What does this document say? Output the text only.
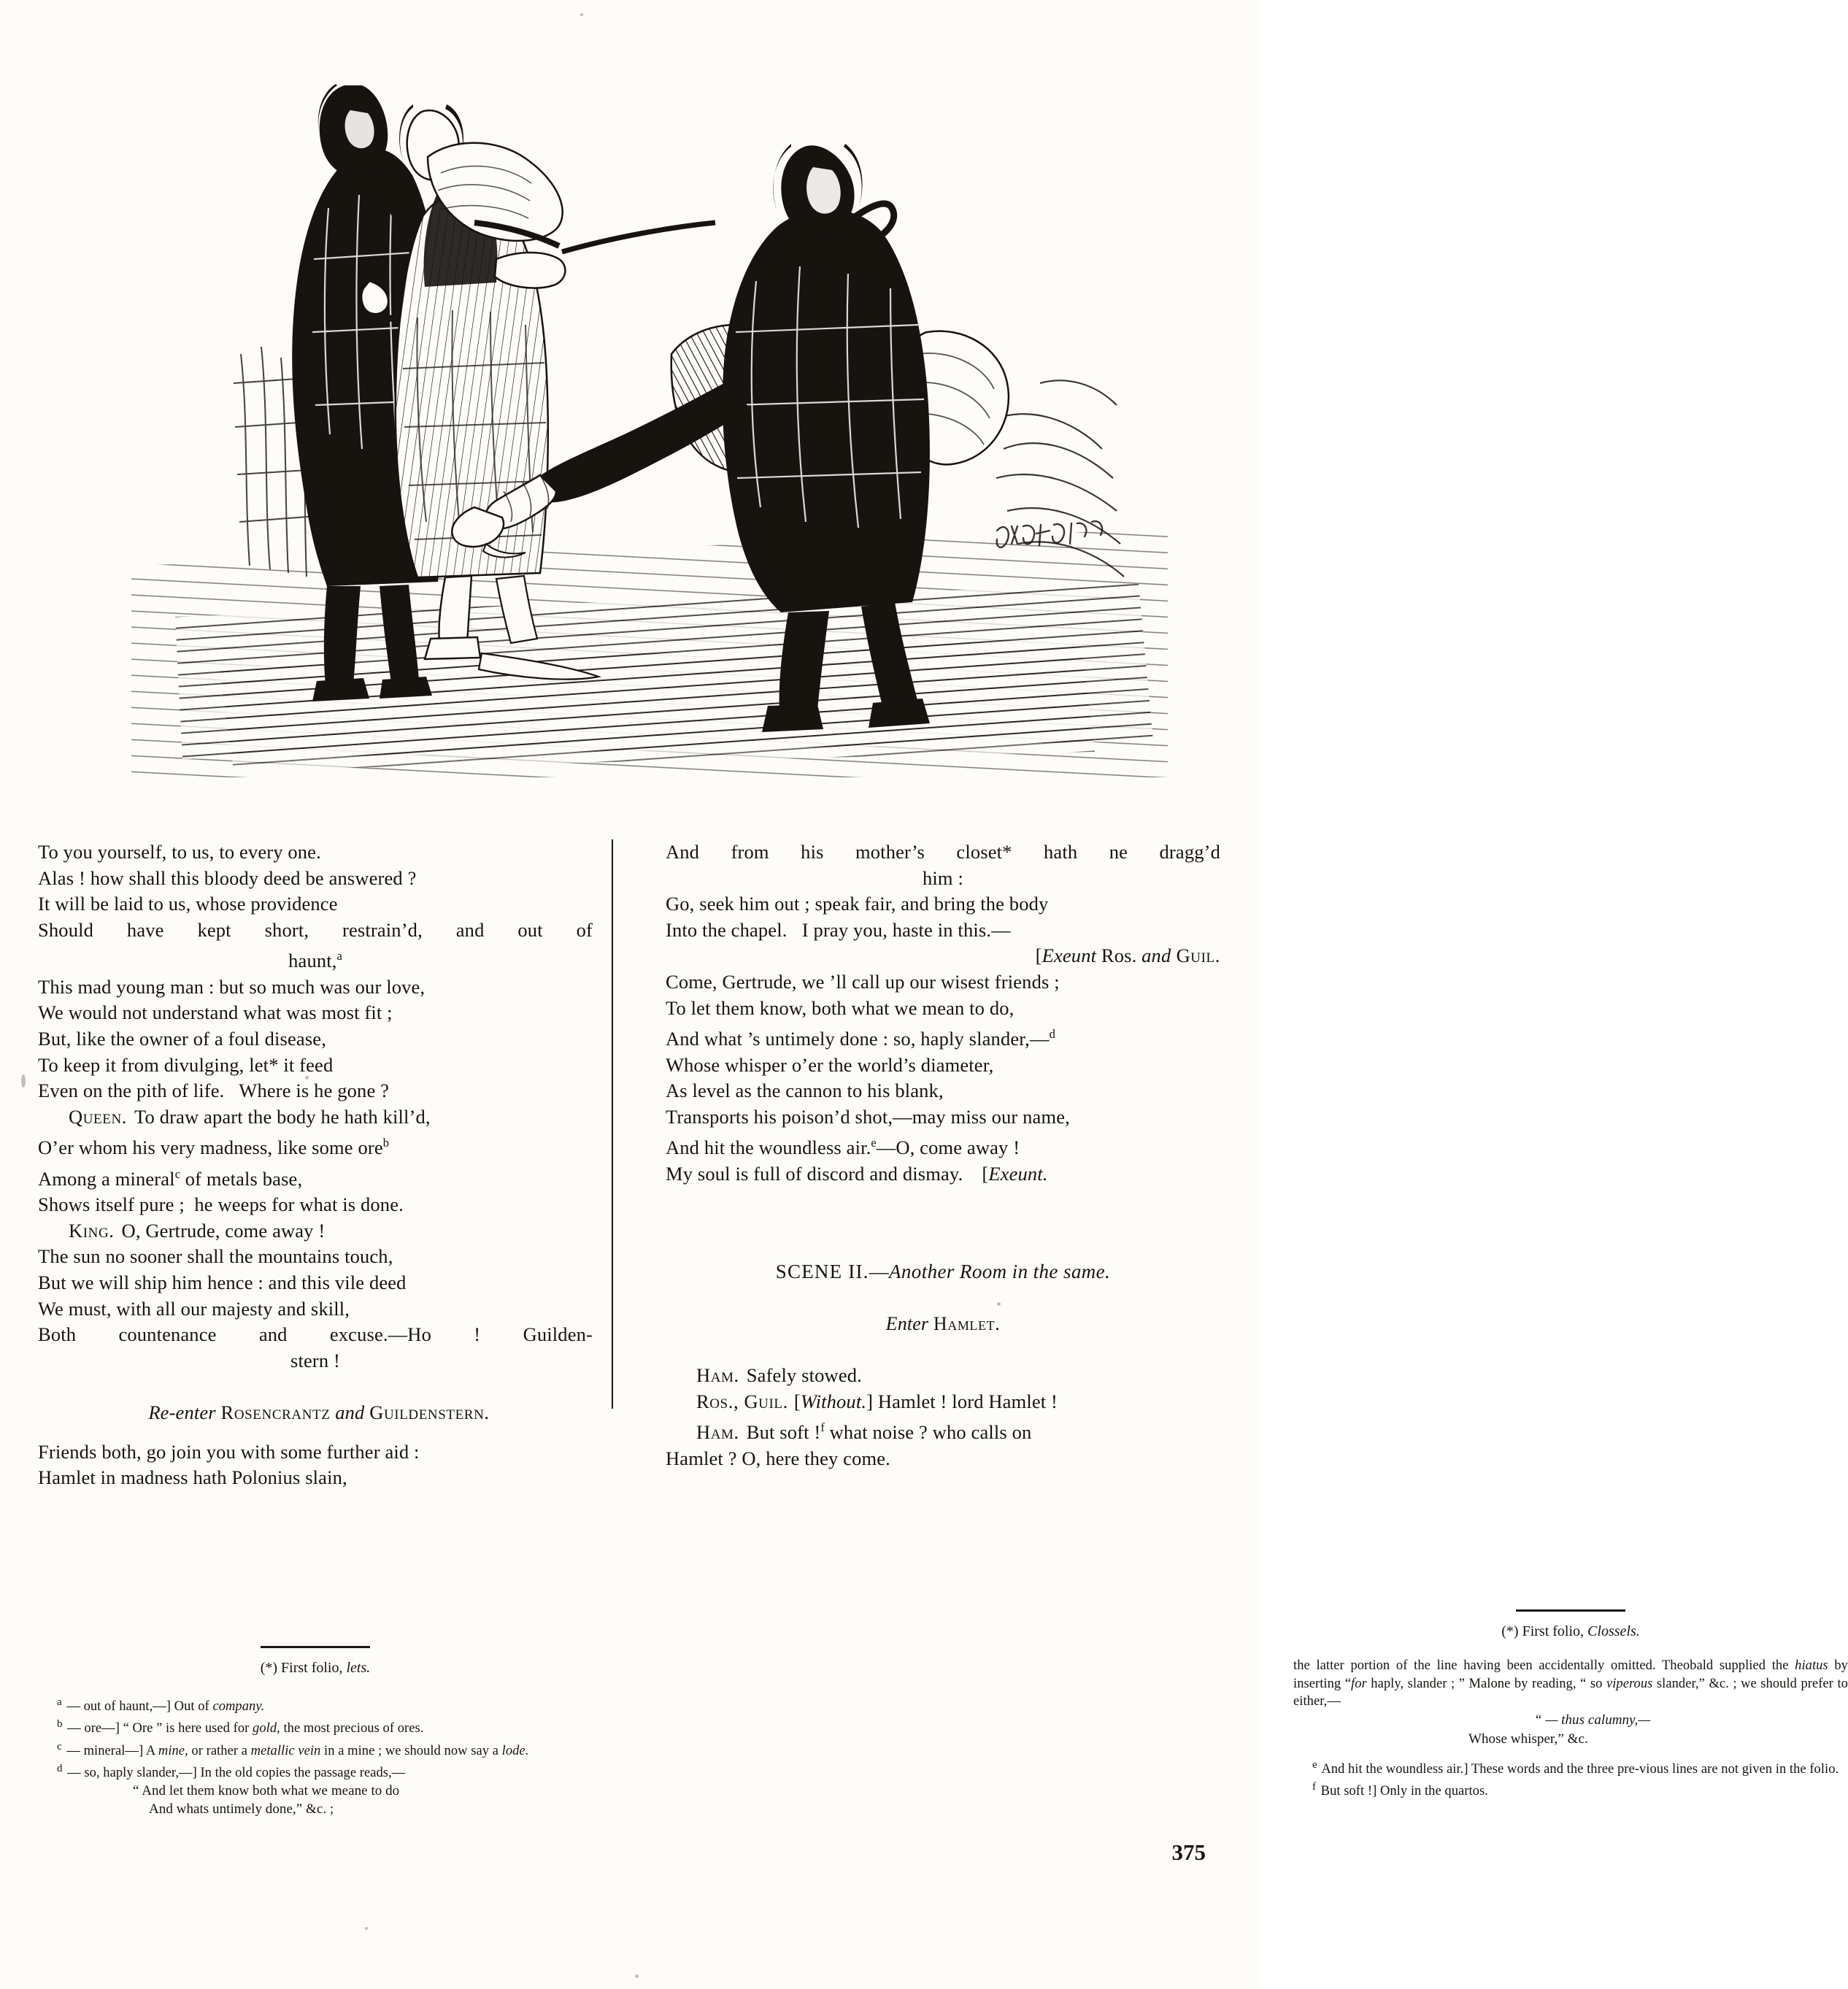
To you yourself, to us, to every one.
Alas ! how shall this bloody deed be answered ?
It will be laid to us, whose providence
Should have kept short, restrain’d, and out of
haunt,$^a$
This mad young man : but so much was our love,
We would not understand what was most fit ;
But, like the owner of a foul disease,
To keep it from divulging, let* it feed
Even on the pith of life.   Where is he gone ?
Queen. To draw apart the body he hath kill’d,
O’er whom his very madness, like some ore$^b$
Among a mineral$^c$ of metals base,
Shows itself pure ;  he weeps for what is done.
King. O, Gertrude, come away !
The sun no sooner shall the mountains touch,
But we will ship him hence : and this vile deed
We must, with all our majesty and skill,
Both countenance and excuse.—Ho ! Guilden-
stern !
Re-enter Rosencrantz and Guildenstern.
Friends both, go join you with some further aid :
Hamlet in madness hath Polonius slain,
(*) First folio, lets.
$^a$ — out of haunt,—] Out of company.
$^b$ — ore—] “ Ore ” is here used for gold, the most precious of ores.
$^c$ — mineral—] A mine, or rather a metallic vein in a mine ; we should now say a lode.
$^d$ — so, haply slander,—] In the old copies the passage reads,—
“ And let them know both what we meane to do
And whats untimely done,” &c. ;
And from his mother’s closet* hath ne dragg’d
him :
Go, seek him out ; speak fair, and bring the body
Into the chapel.   I pray you, haste in this.—
[Exeunt Ros. and Guil.
Come, Gertrude, we ’ll call up our wisest friends ;
To let them know, both what we mean to do,
And what ’s untimely done : so, haply slander,—$^d$
Whose whisper o’er the world’s diameter,
As level as the cannon to his blank,
Transports his poison’d shot,—may miss our name,
And hit the woundless air.$^e$—O, come away !
My soul is full of discord and dismay. [Exeunt.
SCENE II.—Another Room in the same.
Enter Hamlet.
Ham. Safely stowed.
Ros., Guil. [Without.] Hamlet ! lord Hamlet !
Ham. But soft !$^f$ what noise ? who calls on
Hamlet ? O, here they come.
(*) First folio, Clossels.
the latter portion of the line having been accidentally omitted. Theobald supplied the hiatus by inserting “for haply, slander ; ” Malone by reading, “ so viperous slander,” &c. ; we should prefer to either,—
“ — thus calumny,—
Whose whisper,” &c.
$^e$ And hit the woundless air.] These words and the three pre-vious lines are not given in the folio.
$^f$ But soft !] Only in the quartos.
375
